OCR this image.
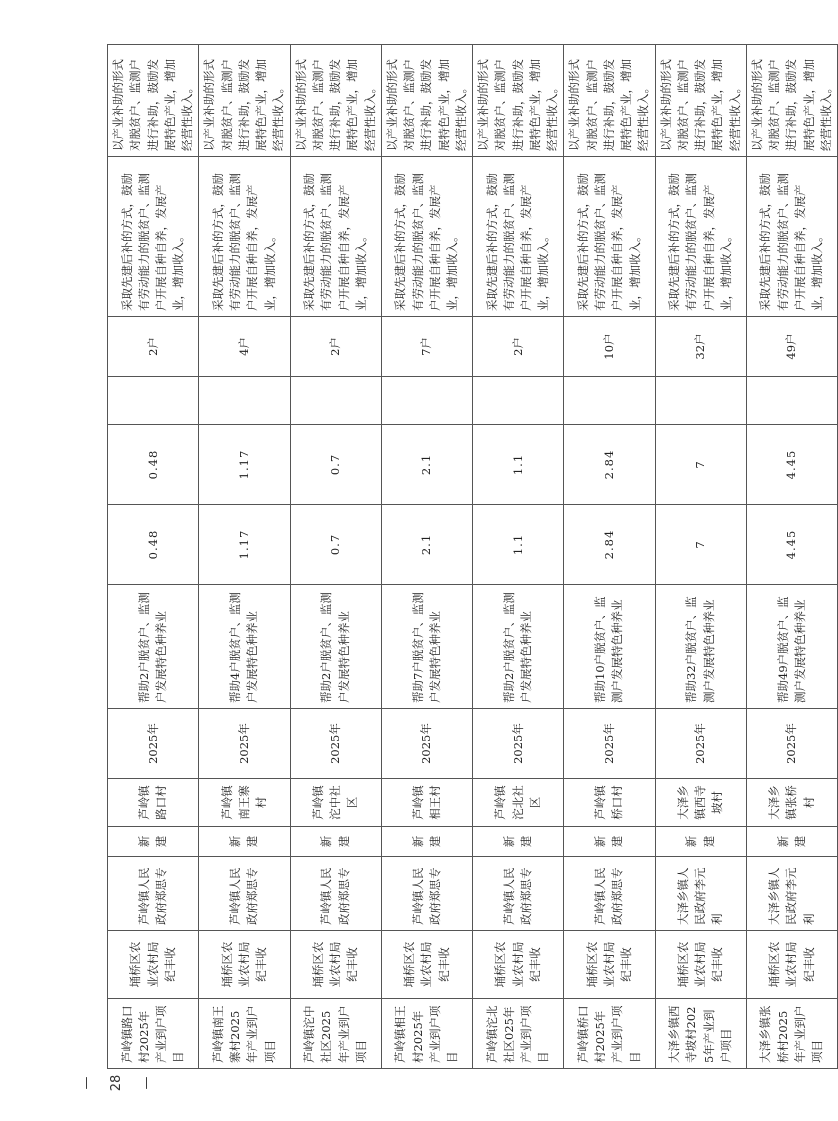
芦岭镇路口村2025年产业到户项目	埇桥区农业农村局 纪丰收	芦岭镇人民政府郑思专	新建	芦岭镇路口村	2025年	帮助2户脱贫户、监测户发展特色种养业	0.48	0.48		2户	采取先建后补的方式，鼓励有劳动能力的脱贫户、监测户开展自种自养，发展产业，增加收入。	以产业补助的形式对脱贫户、监测户进行补助，鼓励发展特色产业，增加经营性收入。
芦岭镇南王寨村2025年产业到户项目	埇桥区农业农村局 纪丰收	芦岭镇人民政府郑思专	新建	芦岭镇南王寨村	2025年	帮助4户脱贫户、监测户发展特色种养业	1.17	1.17		4户	采取先建后补的方式，鼓励有劳动能力的脱贫户、监测户开展自种自养，发展产业，增加收入。	以产业补助的形式对脱贫户、监测户进行补助，鼓励发展特色产业，增加经营性收入。
芦岭镇沱中社区2025年产业到户项目	埇桥区农业农村局 纪丰收	芦岭镇人民政府郑思专	新建	芦岭镇沱中社区	2025年	帮助2户脱贫户、监测户发展特色种养业	0.7	0.7		2户	采取先建后补的方式，鼓励有劳动能力的脱贫户、监测户开展自种自养，发展产业，增加收入。	以产业补助的形式对脱贫户、监测户进行补助，鼓励发展特色产业，增加经营性收入。
芦岭镇相王村2025年产业到户项目	埇桥区农业农村局 纪丰收	芦岭镇人民政府郑思专	新建	芦岭镇相王村	2025年	帮助7户脱贫户、监测户发展特色种养业	2.1	2.1		7户	采取先建后补的方式，鼓励有劳动能力的脱贫户、监测户开展自种自养，发展产业，增加收入。	以产业补助的形式对脱贫户、监测户进行补助，鼓励发展特色产业，增加经营性收入。
芦岭镇沱北社区025年产业到户项目	埇桥区农业农村局 纪丰收	芦岭镇人民政府郑思专	新建	芦岭镇沱北社区	2025年	帮助2户脱贫户、监测户发展特色种养业	1.1	1.1		2户	采取先建后补的方式，鼓励有劳动能力的脱贫户、监测户开展自种自养，发展产业，增加收入。	以产业补助的形式对脱贫户、监测户进行补助，鼓励发展特色产业，增加经营性收入。
芦岭镇桥口村2025年产业到户项目	埇桥区农业农村局 纪丰收	芦岭镇人民政府郑思专	新建	芦岭镇桥口村	2025年	帮助10户脱贫户、监测户发展特色种养业	2.84	2.84		10户	采取先建后补的方式，鼓励有劳动能力的脱贫户、监测户开展自种自养，发展产业，增加收入。	以产业补助的形式对脱贫户、监测户进行补助，鼓励发展特色产业，增加经营性收入。
大泽乡镇西寺坡村2025年产业到户项目	埇桥区农业农村局 纪丰收	大泽乡镇人民政府李元利	新建	大泽乡镇西寺坡村	2025年	帮助32户脱贫户、监测户发展特色种养业	7	7		32户	采取先建后补的方式，鼓励有劳动能力的脱贫户、监测户开展自种自养，发展产业，增加收入。	以产业补助的形式对脱贫户、监测户进行补助，鼓励发展特色产业，增加经营性收入。
大泽乡镇张桥村2025年产业到户项目	埇桥区农业农村局 纪丰收	大泽乡镇人民政府李元利	新建	大泽乡镇张桥村	2025年	帮助49户脱贫户、监测户发展特色种养业	4.45	4.45		49户	采取先建后补的方式，鼓励有劳动能力的脱贫户、监测户开展自种自养，发展产业，增加收入。	以产业补助的形式对脱贫户、监测户进行补助，鼓励发展特色产业，增加经营性收入。
— 28 —
